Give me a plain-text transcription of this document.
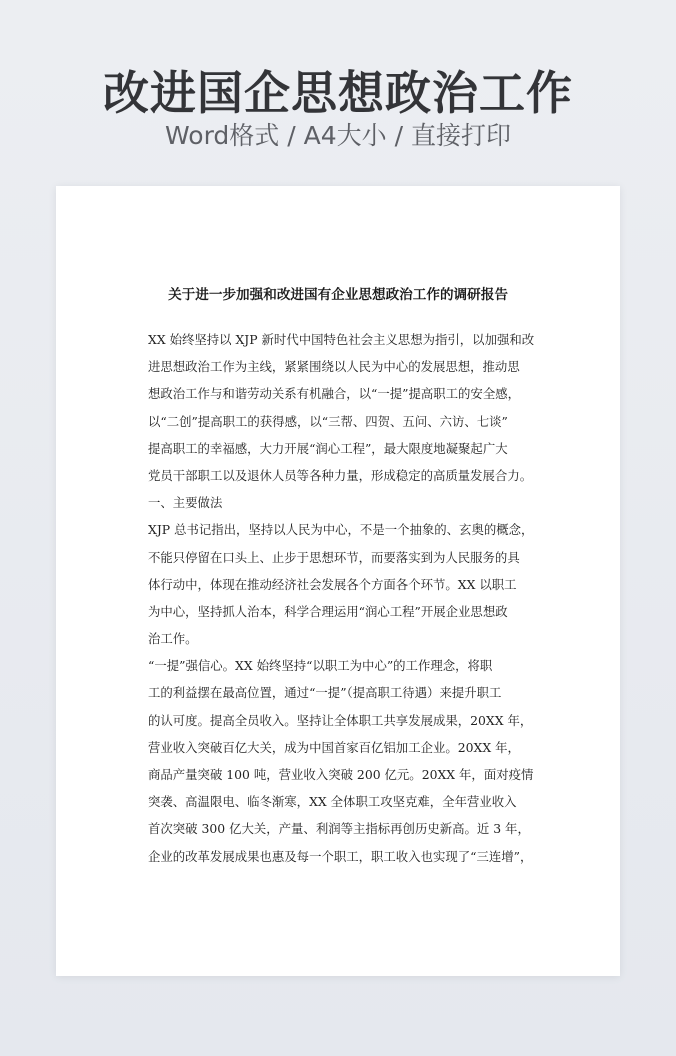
改进国企思想政治工作
Word格式 / A4大小 / 直接打印
关于进一步加强和改进国有企业思想政治工作的调研报告
XX 始终坚持以 XJP 新时代中国特色社会主义思想为指引，以加强和改
进思想政治工作为主线，紧紧围绕以人民为中心的发展思想，推动思
想政治工作与和谐劳动关系有机融合，以“一提”提高职工的安全感，
以“二创”提高职工的获得感，以“三帮、四贺、五问、六访、七谈”
提高职工的幸福感，大力开展“润心工程”，最大限度地凝聚起广大
党员干部职工以及退休人员等各种力量，形成稳定的高质量发展合力。
一、主要做法
XJP 总书记指出，坚持以人民为中心，不是一个抽象的、玄奥的概念，
不能只停留在口头上、止步于思想环节，而要落实到为人民服务的具
体行动中，体现在推动经济社会发展各个方面各个环节。XX 以职工
为中心，坚持抓人治本，科学合理运用“润心工程”开展企业思想政
治工作。
“一提”强信心。XX 始终坚持“以职工为中心”的工作理念，将职
工的利益摆在最高位置，通过“一提”（提高职工待遇）来提升职工
的认可度。提高全员收入。坚持让全体职工共享发展成果，20XX 年，
营业收入突破百亿大关，成为中国首家百亿铝加工企业。20XX 年，
商品产量突破 100 吨，营业收入突破 200 亿元。20XX 年，面对疫情
突袭、高温限电、临冬渐寒，XX 全体职工攻坚克难，全年营业收入
首次突破 300 亿大关，产量、利润等主指标再创历史新高。近 3 年，
企业的改革发展成果也惠及每一个职工，职工收入也实现了“三连增”，
